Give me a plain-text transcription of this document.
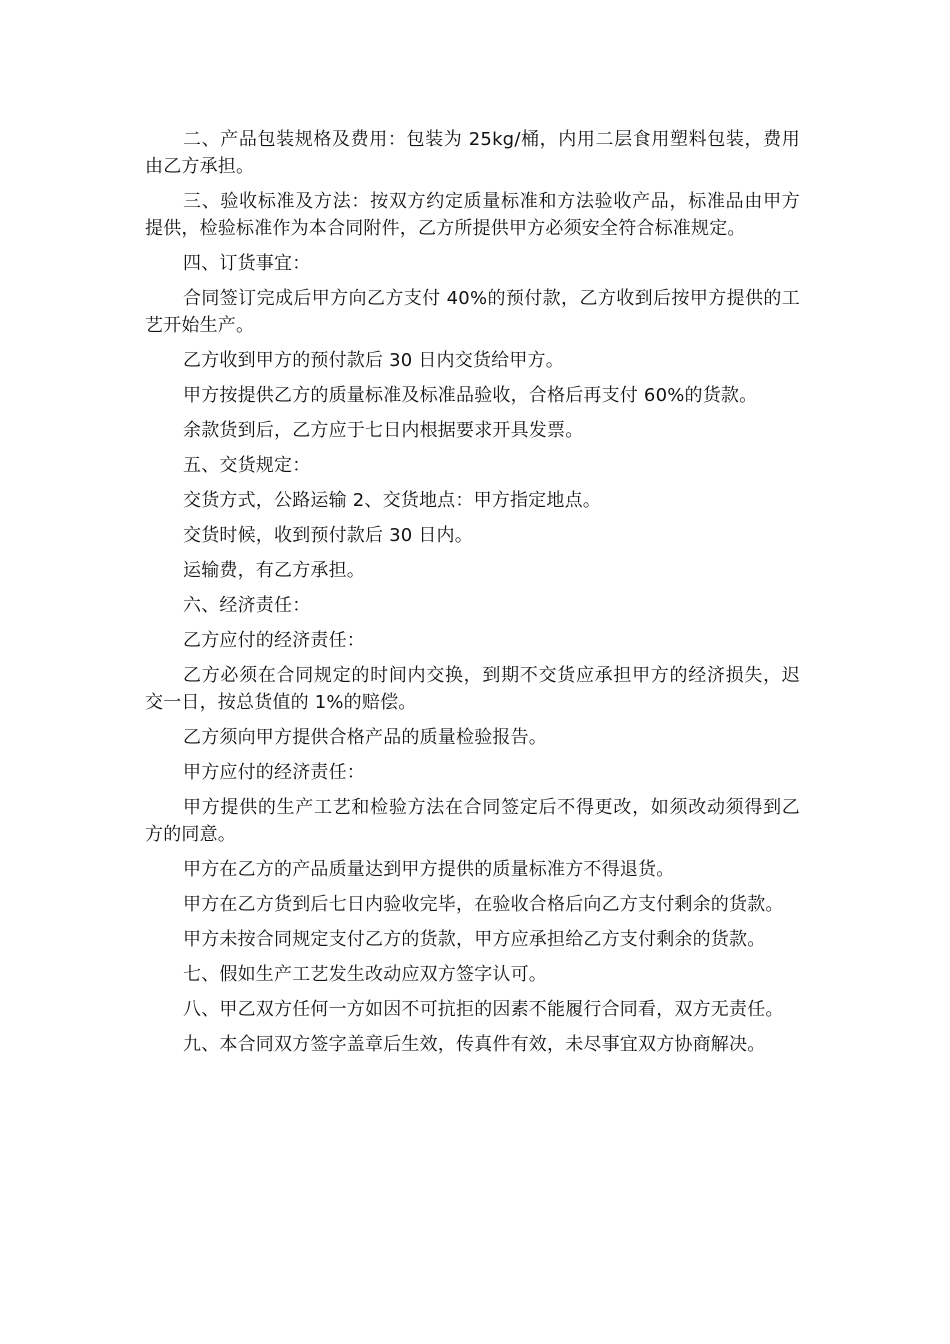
二、产品包装规格及费用：包装为 25kg/桶，内用二层食用塑料包装，费用由乙方承担。

三、验收标准及方法：按双方约定质量标准和方法验收产品，标准品由甲方提供，检验标准作为本合同附件，乙方所提供甲方必须安全符合标准规定。

四、订货事宜：

合同签订完成后甲方向乙方支付 40%的预付款，乙方收到后按甲方提供的工艺开始生产。

乙方收到甲方的预付款后 30 日内交货给甲方。

甲方按提供乙方的质量标准及标准品验收，合格后再支付 60%的货款。

余款货到后，乙方应于七日内根据要求开具发票。

五、交货规定：

交货方式，公路运输 2、交货地点：甲方指定地点。

交货时候，收到预付款后 30 日内。

运输费，有乙方承担。

六、经济责任：

乙方应付的经济责任：

乙方必须在合同规定的时间内交换，到期不交货应承担甲方的经济损失，迟交一日，按总货值的 1%的赔偿。

乙方须向甲方提供合格产品的质量检验报告。

甲方应付的经济责任：

甲方提供的生产工艺和检验方法在合同签定后不得更改，如须改动须得到乙方的同意。

甲方在乙方的产品质量达到甲方提供的质量标准方不得退货。

甲方在乙方货到后七日内验收完毕，在验收合格后向乙方支付剩余的货款。

甲方未按合同规定支付乙方的货款，甲方应承担给乙方支付剩余的货款。

七、假如生产工艺发生改动应双方签字认可。

八、甲乙双方任何一方如因不可抗拒的因素不能履行合同看，双方无责任。

九、本合同双方签字盖章后生效，传真件有效，未尽事宜双方协商解决。
